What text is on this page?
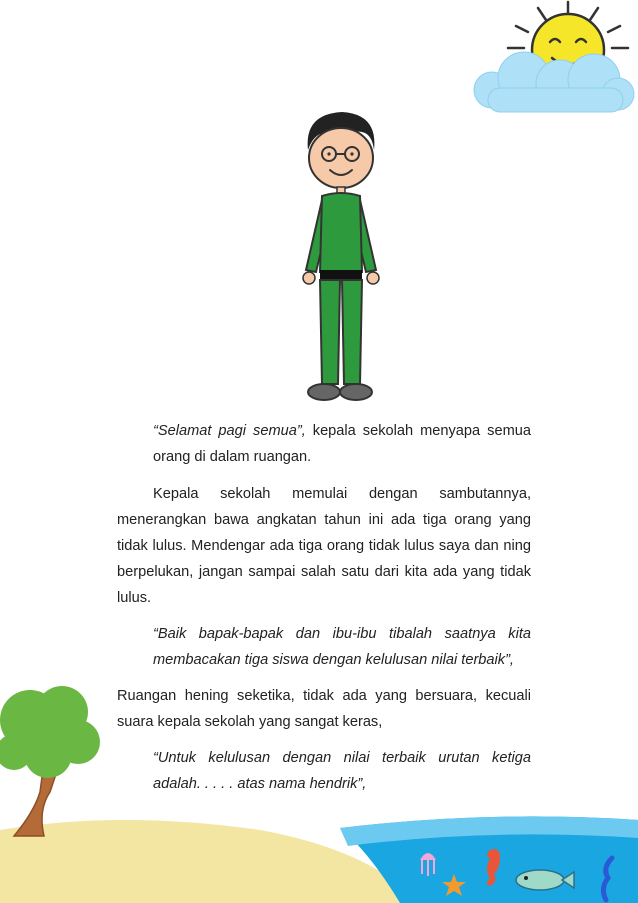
“Selamat pagi semua”, kepala sekolah menyapa semua orang di dalam ruangan.

Kepala sekolah memulai dengan sambutannya, menerangkan bawa angkatan tahun ini ada tiga orang yang tidak lulus. Mendengar ada tiga orang tidak lulus saya dan ning berpelukan, jangan sampai salah satu dari kita ada yang tidak lulus.

“Baik bapak-bapak dan ibu-ibu tibalah saatnya kita membacakan tiga siswa dengan kelulusan nilai terbaik”,

Ruangan hening seketika, tidak ada yang bersuara, kecuali suara kepala sekolah yang sangat keras,

“Untuk kelulusan dengan nilai terbaik urutan ketiga adalah. . . . . atas nama hendrik”,
